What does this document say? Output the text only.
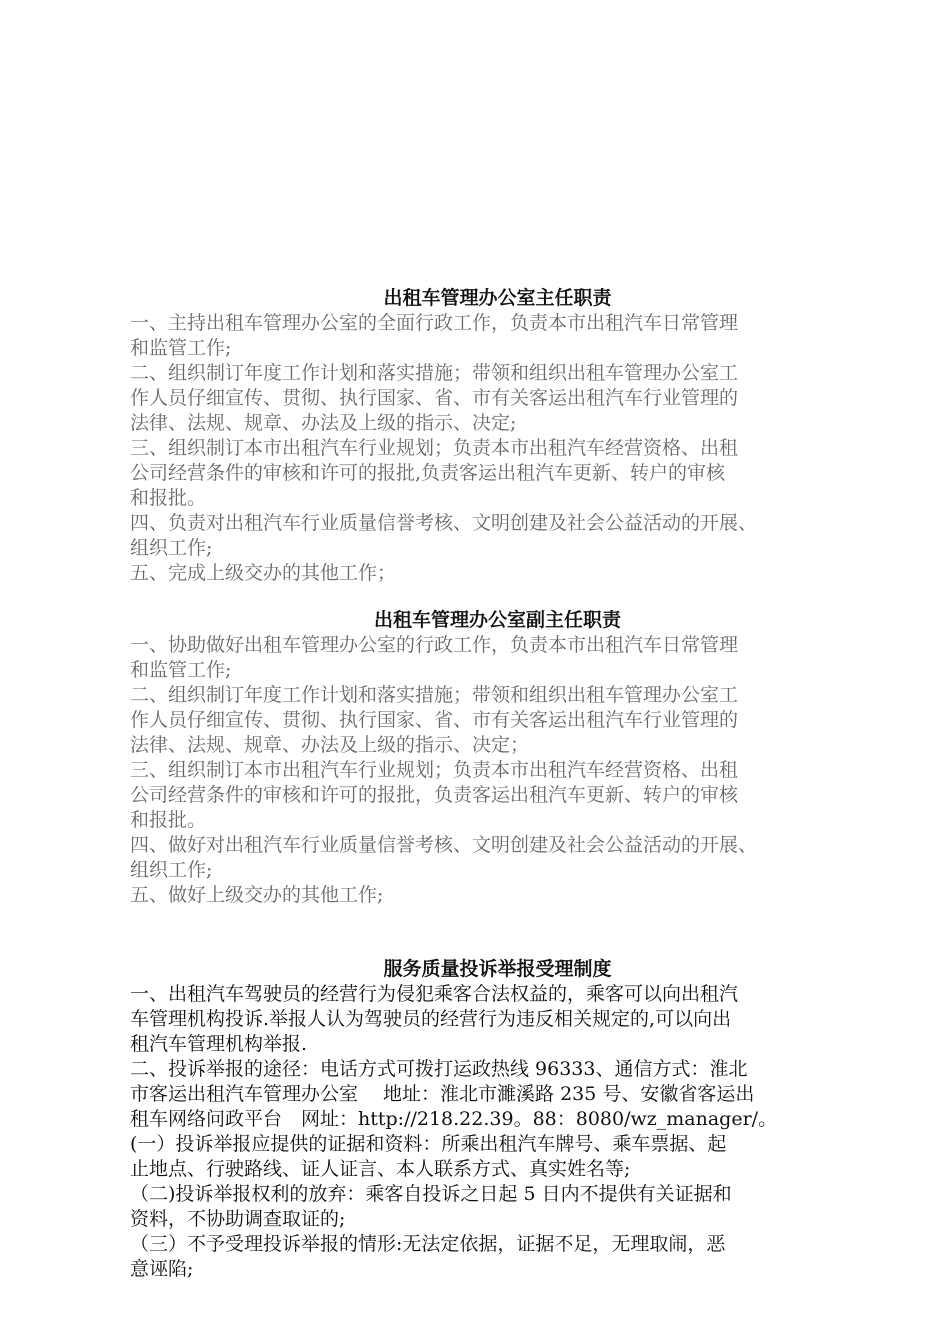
出租车管理办公室主任职责

一、主持出租车管理办公室的全面行政工作，负责本市出租汽车日常管理
和监管工作;

二、组织制订年度工作计划和落实措施；带领和组织出租车管理办公室工
作人员仔细宣传、贯彻、执行国家、省、市有关客运出租汽车行业管理的
法律、法规、规章、办法及上级的指示、决定;

三、组织制订本市出租汽车行业规划；负责本市出租汽车经营资格、出租
公司经营条件的审核和许可的报批,负责客运出租汽车更新、转户的审核
和报批。

四、负责对出租汽车行业质量信誉考核、文明创建及社会公益活动的开展、
组织工作;

五、完成上级交办的其他工作；

出租车管理办公室副主任职责

一、协助做好出租车管理办公室的行政工作，负责本市出租汽车日常管理
和监管工作;

二、组织制订年度工作计划和落实措施；带领和组织出租车管理办公室工
作人员仔细宣传、贯彻、执行国家、省、市有关客运出租汽车行业管理的
法律、法规、规章、办法及上级的指示、决定；

三、组织制订本市出租汽车行业规划；负责本市出租汽车经营资格、出租
公司经营条件的审核和许可的报批，负责客运出租汽车更新、转户的审核
和报批。

四、做好对出租汽车行业质量信誉考核、文明创建及社会公益活动的开展、
组织工作;

五、做好上级交办的其他工作;

服务质量投诉举报受理制度

一、出租汽车驾驶员的经营行为侵犯乘客合法权益的，乘客可以向出租汽
车管理机构投诉.举报人认为驾驶员的经营行为违反相关规定的,可以向出
租汽车管理机构举报.

二、投诉举报的途径：电话方式可拨打运政热线 96333、通信方式：淮北
市客运出租汽车管理办公室　 地址：淮北市濉溪路 235 号、安徽省客运出
租车网络问政平台　网址：http://218.22.39。88：8080/wz_manager/。

(一）投诉举报应提供的证据和资料：所乘出租汽车牌号、乘车票据、起
止地点、行驶路线、证人证言、本人联系方式、真实姓名等;

（二)投诉举报权利的放弃：乘客自投诉之日起 5 日内不提供有关证据和
资料，不协助调查取证的;

（三）不予受理投诉举报的情形:无法定依据，证据不足，无理取闹，恶
意诬陷;
